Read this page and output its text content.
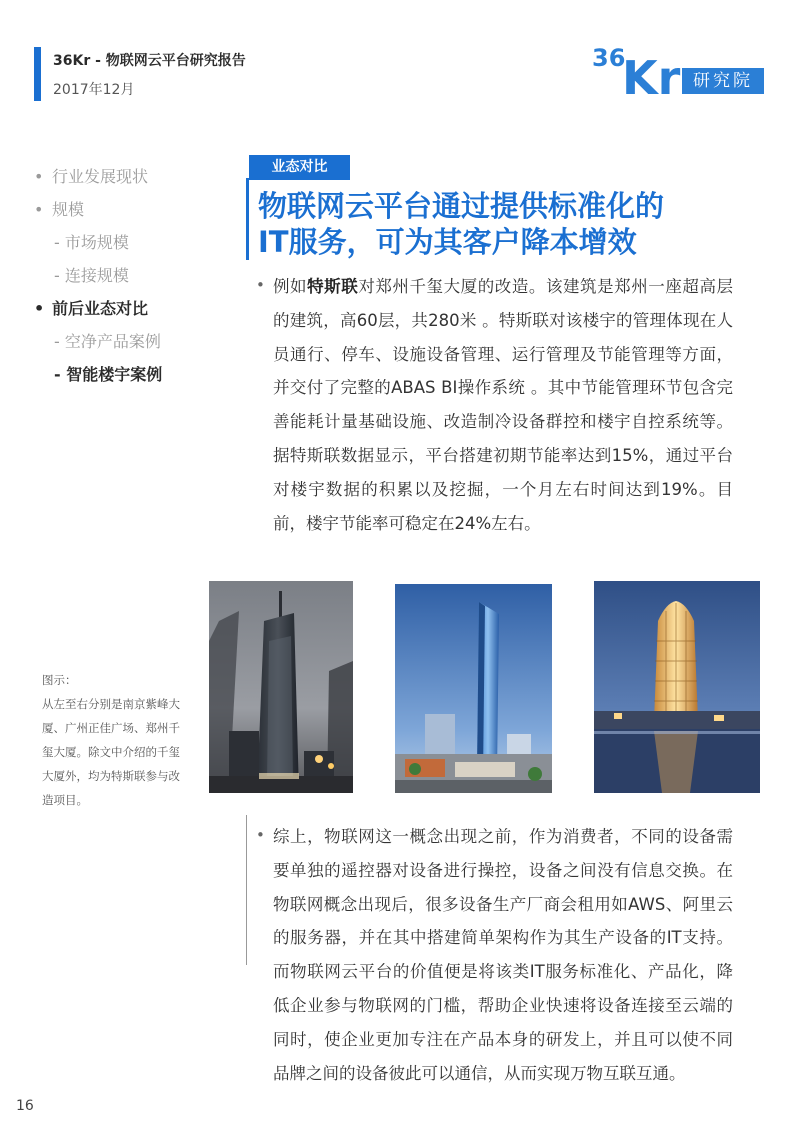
36Kr - 物联网云平台研究报告
2017年12月
36
Kr 研究院
• 行业发展现状
• 规模
- 市场规模
- 连接规模
• 前后业态对比
- 空净产品案例
- 智能楼宇案例
业态对比
物联网云平台通过提供标准化的
IT服务，可为其客户降本增效
• 例如特斯联对郑州千玺大厦的改造。该建筑是郑州一座超高层的建筑，高60层，共280米 。特斯联对该楼宇的管理体现在人员通行、停车、设施设备管理、运行管理及节能管理等方面，并交付了完整的ABAS BI操作系统 。其中节能管理环节包含完善能耗计量基础设施、改造制冷设备群控和楼宇自控系统等。据特斯联数据显示，平台搭建初期节能率达到15%，通过平台对楼宇数据的积累以及挖掘，一个月左右时间达到19%。目前，楼宇节能率可稳定在24%左右。
图示：
从左至右分别是南京紫峰大厦、广州正佳广场、郑州千玺大厦。除文中介绍的千玺大厦外，均为特斯联参与改造项目。
• 综上，物联网这一概念出现之前，作为消费者，不同的设备需要单独的遥控器对设备进行操控，设备之间没有信息交换。在物联网概念出现后，很多设备生产厂商会租用如AWS、阿里云的服务器，并在其中搭建简单架构作为其生产设备的IT支持。而物联网云平台的价值便是将该类IT服务标准化、产品化，降低企业参与物联网的门槛，帮助企业快速将设备连接至云端的同时，使企业更加专注在产品本身的研发上，并且可以使不同品牌之间的设备彼此可以通信，从而实现万物互联互通。
16
